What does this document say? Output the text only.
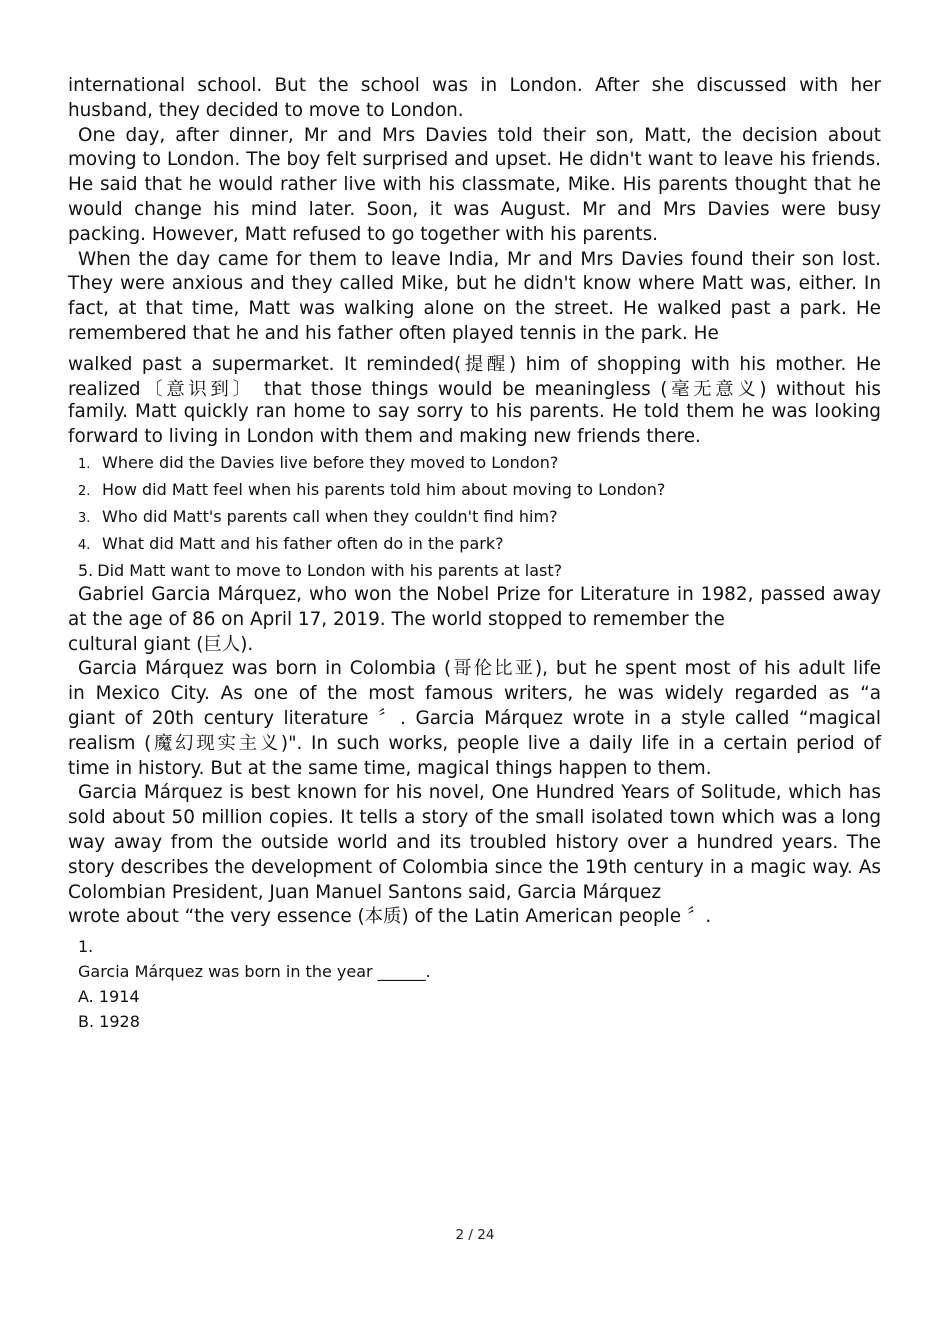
international school. But the school was in London. After she discussed with her

husband, they decided to move to London.

One day, after dinner, Mr and Mrs Davies told their son, Matt, the decision about moving to London. The boy felt surprised and upset. He didn't want to leave his friends. He said that he would rather live with his classmate, Mike. His parents thought that he would change his mind later. Soon, it was August. Mr and Mrs Davies were busy packing. However, Matt refused to go together with his parents.

When the day came for them to leave India, Mr and Mrs Davies found their son lost. They were anxious and they called Mike, but he didn't know where Matt was, either. In fact, at that time, Matt was walking alone on the street. He walked past a park. He remembered that he and his father often played tennis in the park. He

walked past a supermarket. It reminded(提醒) him of shopping with his mother. He

realized〔意识到〕 that those things would be meaningless (毫无意义) without his

family. Matt quickly ran home to say sorry to his parents. He told them he was looking forward to living in London with them and making new friends there.

1. Where did the Davies live before they moved to London?
2. How did Matt feel when his parents told him about moving to London?
3. Who did Matt's parents call when they couldn't find him?
4. What did Matt and his father often do in the park?
5. Did Matt want to move to London with his parents at last?

Gabriel Garcia Márquez, who won the Nobel Prize for Literature in 1982, passed away at the age of 86 on April 17, 2019. The world stopped to remember the

cultural giant (巨人).

Garcia Márquez was born in Colombia (哥伦比亚), but he spent most of his adult life

in Mexico City. As one of the most famous writers, he was widely regarded as “a

giant of 20th century literature 〞. Garcia Márquez wrote in a style called “magical

realism (魔幻现实主义)". In such works, people live a daily life in a certain period of

time in history. But at the same time, magical things happen to them.

Garcia Márquez is best known for his novel, One Hundred Years of Solitude, which has sold about 50 million copies. It tells a story of the small isolated town which was a long way away from the outside world and its troubled history over a hundred years. The story describes the development of Colombia since the 19th century in a magic way. As Colombian President, Juan Manuel Santons said, Garcia Márquez

wrote about “the very essence (本质) of the Latin American people 〞.

1.
Garcia Márquez was born in the year ______.
A. 1914
B. 1928
2 / 24
